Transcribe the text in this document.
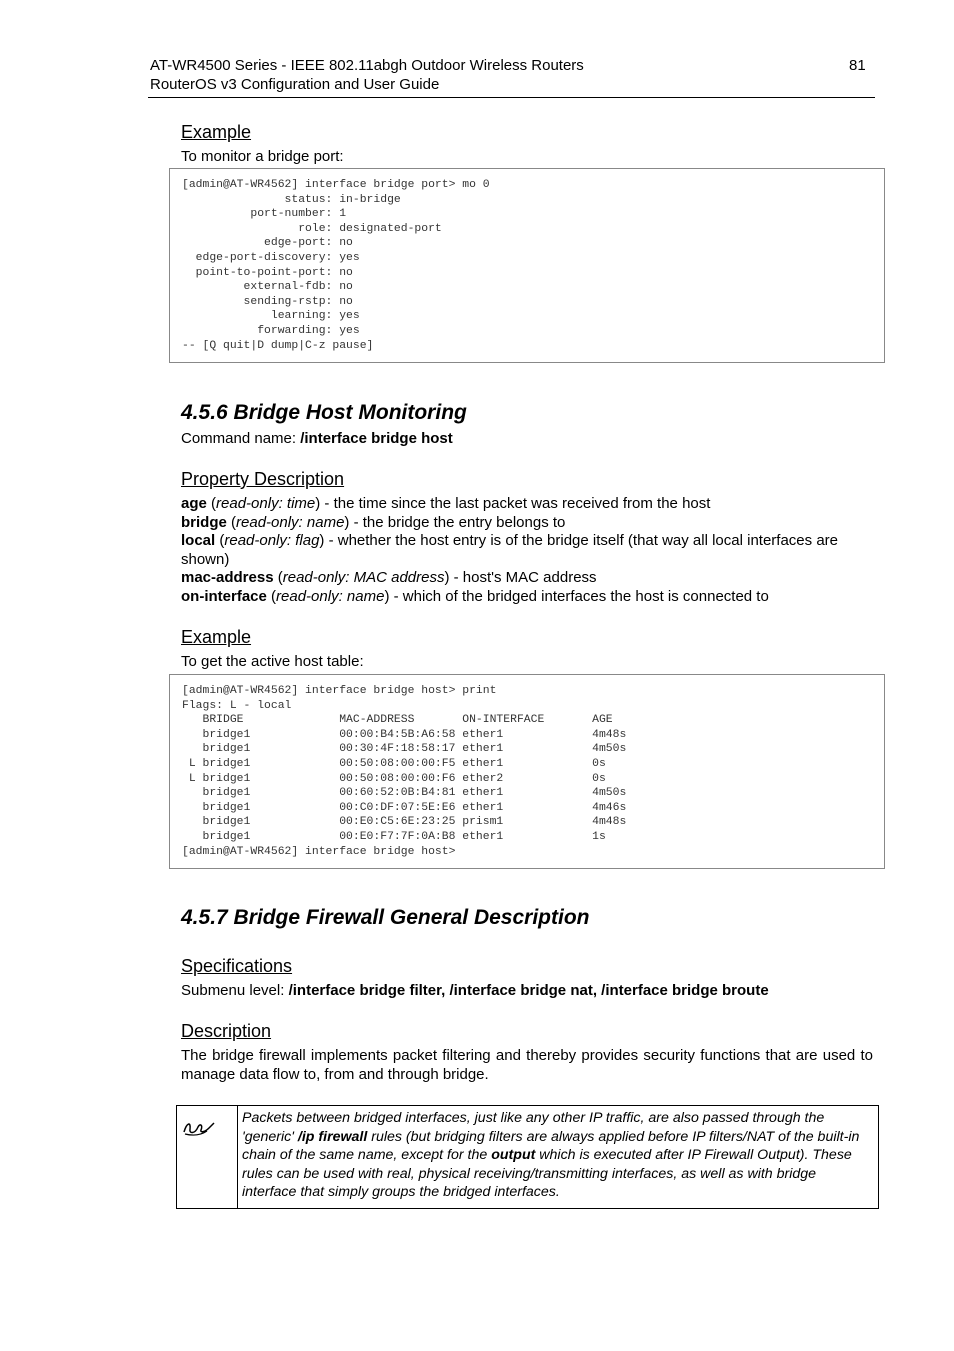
AT-WR4500 Series - IEEE 802.11abgh Outdoor Wireless Routers
RouterOS v3 Configuration and User Guide
81
Example
To monitor a bridge port:
[admin@AT-WR4562] interface bridge port> mo 0
status: in-bridge
port-number: 1
role: designated-port
edge-port: no
edge-port-discovery: yes
point-to-point-port: no
external-fdb: no
sending-rstp: no
learning: yes
forwarding: yes
-- [Q quit|D dump|C-z pause]
4.5.6 Bridge Host Monitoring
Command name: /interface bridge host
Property Description
age (read-only: time) - the time since the last packet was received from the host
bridge (read-only: name) - the bridge the entry belongs to
local (read-only: flag) - whether the host entry is of the bridge itself (that way all local interfaces are shown)
mac-address (read-only: MAC address) - host's MAC address
on-interface (read-only: name) - which of the bridged interfaces the host is connected to
Example
To get the active host table:
[admin@AT-WR4562] interface bridge host> print
Flags: L - local
BRIDGE              MAC-ADDRESS       ON-INTERFACE       AGE
bridge1             00:00:B4:5B:A6:58 ether1             4m48s
bridge1             00:30:4F:18:58:17 ether1             4m50s
L bridge1             00:50:08:00:00:F5 ether1             0s
L bridge1             00:50:08:00:00:F6 ether2             0s
bridge1             00:60:52:0B:B4:81 ether1             4m50s
bridge1             00:C0:DF:07:5E:E6 ether1             4m46s
bridge1             00:E0:C5:6E:23:25 prism1             4m48s
bridge1             00:E0:F7:7F:0A:B8 ether1             1s
[admin@AT-WR4562] interface bridge host>
4.5.7 Bridge Firewall General Description
Specifications
Submenu level: /interface bridge filter, /interface bridge nat, /interface bridge broute
Description
The bridge firewall implements packet filtering and thereby provides security functions that are used to manage data flow to, from and through bridge.
Packets between bridged interfaces, just like any other IP traffic, are also passed through the 'generic' /ip firewall rules (but bridging filters are always applied before IP filters/NAT of the built-in chain of the same name, except for the output which is executed after IP Firewall Output). These rules can be used with real, physical receiving/transmitting interfaces, as well as with bridge interface that simply groups the bridged interfaces.
